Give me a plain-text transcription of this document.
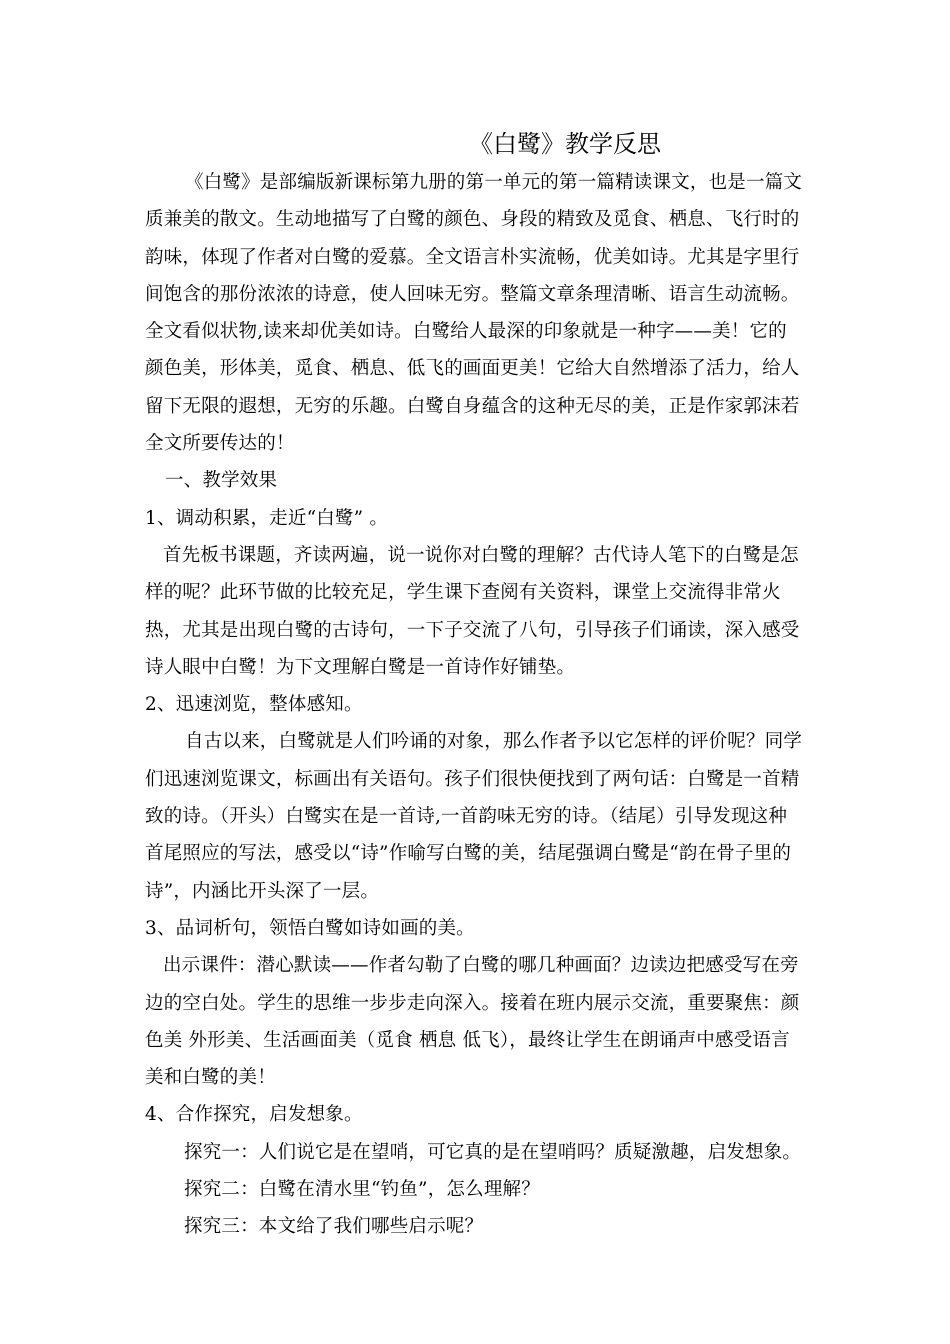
《白鹭》教学反思

《白鹭》是部编版新课标第九册的第一单元的第一篇精读课文，也是一篇文质兼美的散文。生动地描写了白鹭的颜色、身段的精致及觅食、栖息、飞行时的韵味，体现了作者对白鹭的爱慕。全文语言朴实流畅，优美如诗。尤其是字里行间饱含的那份浓浓的诗意，使人回味无穷。整篇文章条理清晰、语言生动流畅。全文看似状物,读来却优美如诗。白鹭给人最深的印象就是一种字——美！它的颜色美，形体美，觅食、栖息、低飞的画面更美！它给大自然增添了活力，给人留下无限的遐想，无穷的乐趣。白鹭自身蕴含的这种无尽的美，正是作家郭沫若全文所要传达的！

一、教学效果

1、调动积累，走近“白鹭” 。

首先板书课题，齐读两遍，说一说你对白鹭的理解？古代诗人笔下的白鹭是怎样的呢？此环节做的比较充足，学生课下查阅有关资料，课堂上交流得非常火热，尤其是出现白鹭的古诗句，一下子交流了八句，引导孩子们诵读，深入感受诗人眼中白鹭！为下文理解白鹭是一首诗作好铺垫。

2、迅速浏览，整体感知。

自古以来，白鹭就是人们吟诵的对象，那么作者予以它怎样的评价呢？同学们迅速浏览课文，标画出有关语句。孩子们很快便找到了两句话：白鹭是一首精致的诗。（开头）白鹭实在是一首诗,一首韵味无穷的诗。（结尾）引导发现这种首尾照应的写法，感受以“诗”作喻写白鹭的美，结尾强调白鹭是“韵在骨子里的诗”，内涵比开头深了一层。

3、品词析句，领悟白鹭如诗如画的美。

出示课件：潜心默读——作者勾勒了白鹭的哪几种画面？边读边把感受写在旁边的空白处。学生的思维一步步走向深入。接着在班内展示交流，重要聚焦：颜色美 外形美、生活画面美（觅食 栖息 低飞），最终让学生在朗诵声中感受语言美和白鹭的美！

4、合作探究，启发想象。

探究一：人们说它是在望哨，可它真的是在望哨吗？质疑激趣，启发想象。

探究二：白鹭在清水里“钓鱼”，怎么理解？

探究三：本文给了我们哪些启示呢？
